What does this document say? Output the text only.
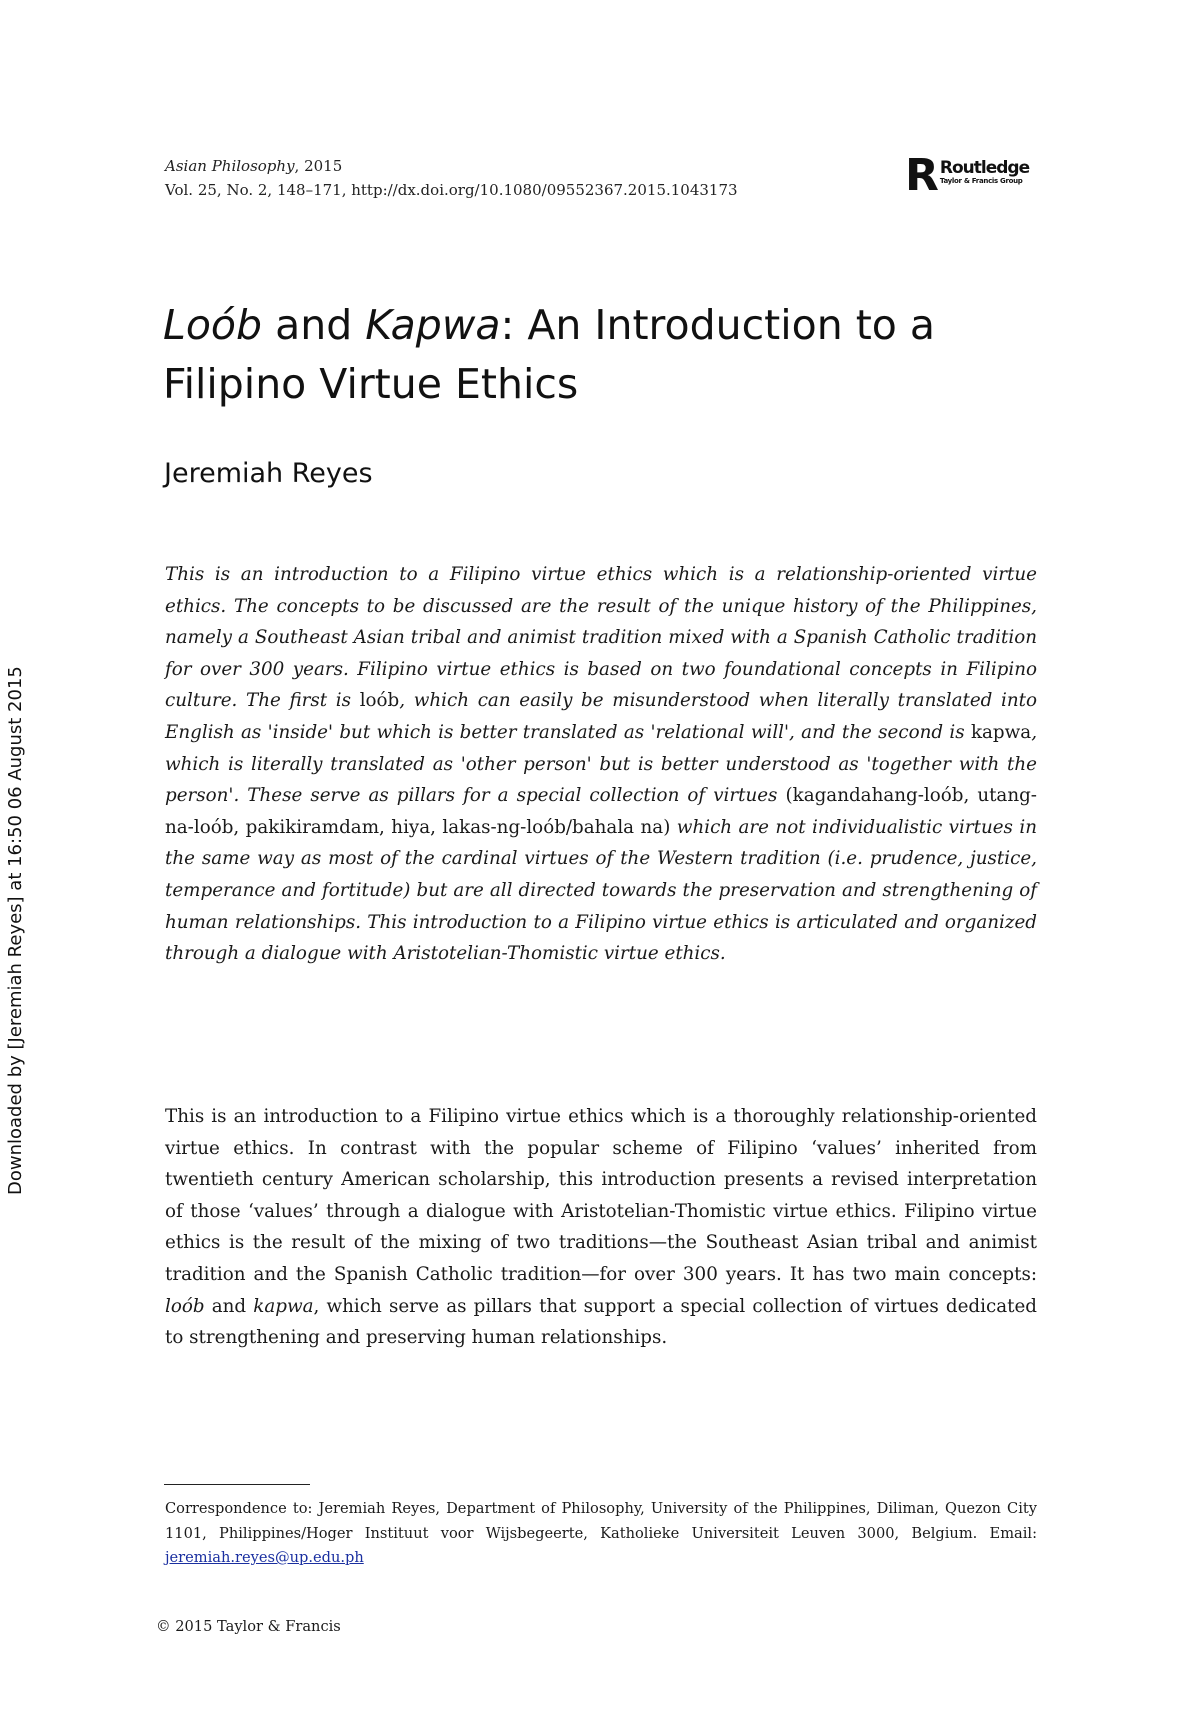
Asian Philosophy, 2015
Vol. 25, No. 2, 148–171, http://dx.doi.org/10.1080/09552367.2015.1043173	R Routledge
Taylor & Francis Group
Loób and Kapwa: An Introduction to a Filipino Virtue Ethics
Jeremiah Reyes

This is an introduction to a Filipino virtue ethics which is a relationship-oriented virtue ethics. The concepts to be discussed are the result of the unique history of the Philippines, namely a Southeast Asian tribal and animist tradition mixed with a Spanish Catholic tradition for over 300 years. Filipino virtue ethics is based on two foundational concepts in Filipino culture. The first is loób, which can easily be misunderstood when literally translated into English as 'inside' but which is better translated as 'relational will', and the second is kapwa, which is literally translated as 'other person' but is better understood as 'together with the person'. These serve as pillars for a special collection of virtues (kagandahang-loób, utang-na-loób, pakikiramdam, hiya, lakas-ng-loób/bahala na) which are not individualistic virtues in the same way as most of the cardinal virtues of the Western tradition (i.e. prudence, justice, temperance and fortitude) but are all directed towards the preservation and strengthening of human relationships. This introduction to a Filipino virtue ethics is articulated and organized through a dialogue with Aristotelian-Thomistic virtue ethics.

This is an introduction to a Filipino virtue ethics which is a thoroughly relationship-oriented virtue ethics. In contrast with the popular scheme of Filipino ‘values’ inherited from twentieth century American scholarship, this introduction presents a revised interpretation of those ‘values’ through a dialogue with Aristotelian-Thomistic virtue ethics. Filipino virtue ethics is the result of the mixing of two traditions—the Southeast Asian tribal and animist tradition and the Spanish Catholic tradition—for over 300 years. It has two main concepts: loób and kapwa, which serve as pillars that support a special collection of virtues dedicated to strengthening and preserving human relationships.

Downloaded by [Jeremiah Reyes] at 16:50 06 August 2015

Correspondence to: Jeremiah Reyes, Department of Philosophy, University of the Philippines, Diliman, Quezon City 1101, Philippines/Hoger Instituut voor Wijsbegeerte, Katholieke Universiteit Leuven 3000, Belgium. Email: jeremiah.reyes@up.edu.ph

© 2015 Taylor & Francis
